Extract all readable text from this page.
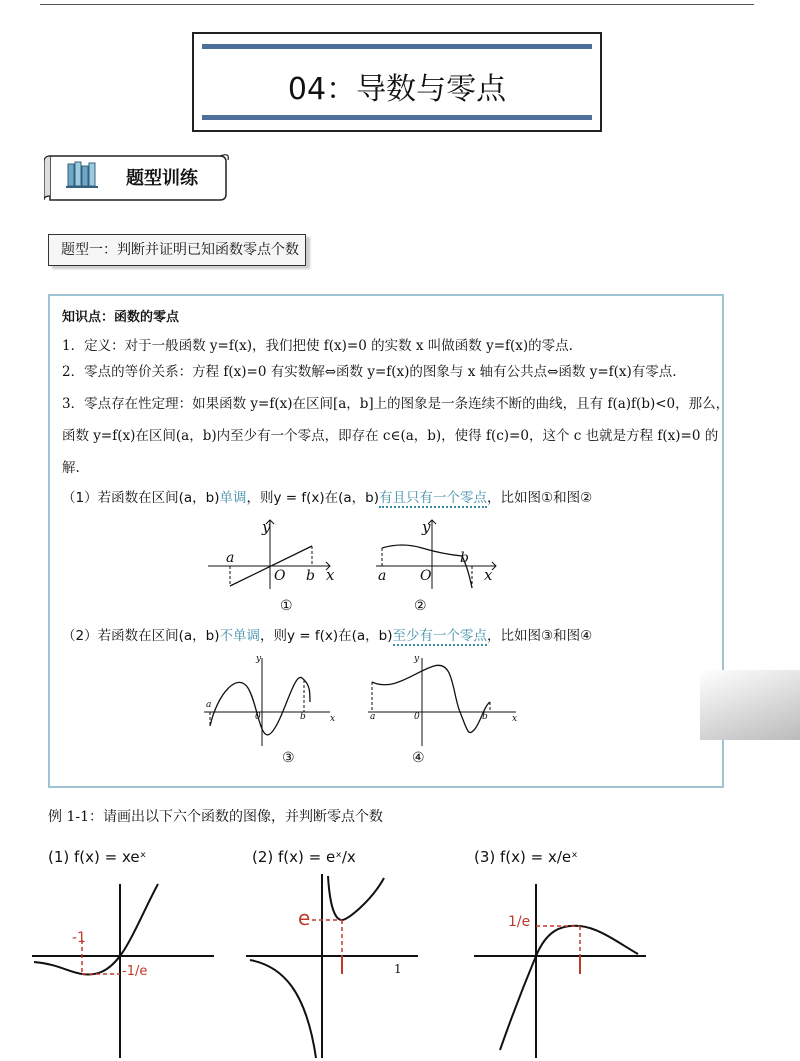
04：导数与零点
题型训练
题型一：判断并证明已知函数零点个数
知识点：函数的零点
1．定义：对于一般函数 y=f(x)，我们把使 f(x)=0 的实数 x 叫做函数 y=f(x)的零点.
2．零点的等价关系：方程 f(x)=0 有实数解⇔函数 y=f(x)的图象与 x 轴有公共点⇔函数 y=f(x)有零点.
3．零点存在性定理：如果函数 y=f(x)在区间[a，b]上的图象是一条连续不断的曲线，且有 f(a)f(b)<0，那么，
函数 y=f(x)在区间(a，b)内至少有一个零点，即存在 c∈(a，b)，使得 f(c)=0，这个 c 也就是方程 f(x)=0 的
解.
（1）若函数在区间(a，b)单调，则y = f(x)在(a，b)有且只有一个零点，比如图①和图②
y
a
O b x
①
y
a O
b
x
②
（2）若函数在区间(a，b)不单调，则y = f(x)在(a，b)至少有一个零点，比如图③和图④
y
a
0	b	x
③
y
a	0	b	x
④
例 1-1：请画出以下六个函数的图像，并判断零点个数
(1) f(x) = xeˣ	(2) f(x) = eˣ/x	(3) f(x) = x/eˣ
-1
-1/e
e
1
1/e
